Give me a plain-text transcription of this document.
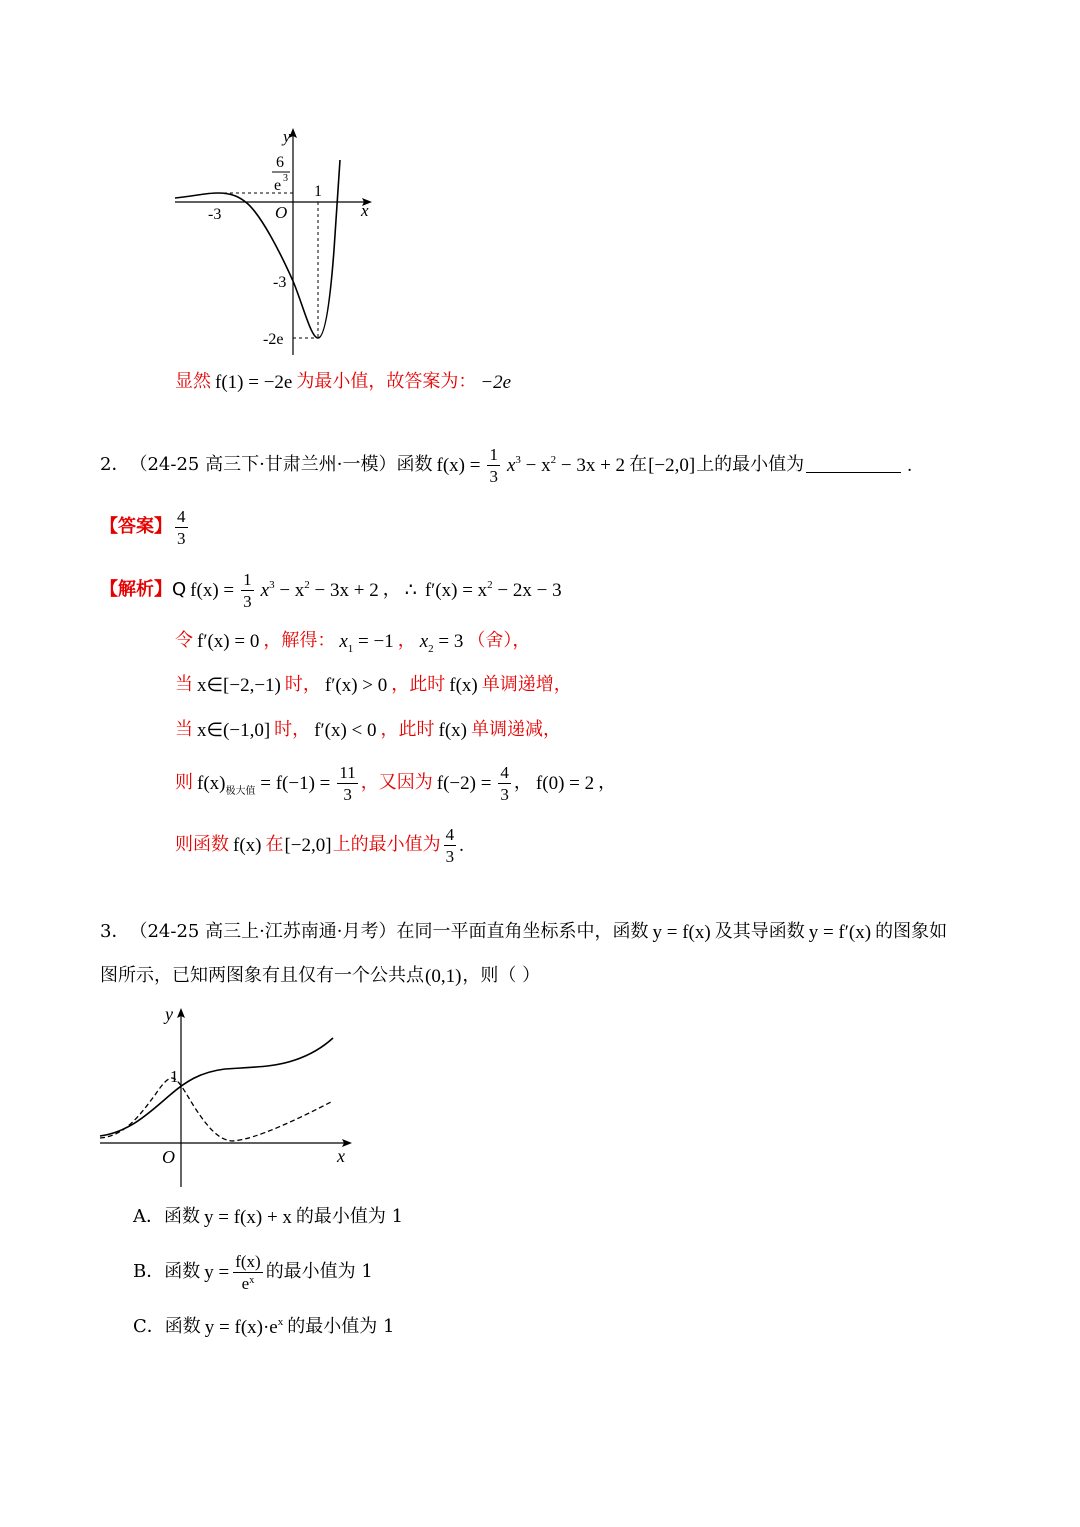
y
6
e 3
1
-3	O	x
-3
-2e
显然 f(1) = −2e 为最小值，故答案为： −2e
2． （24-25 高三下·甘肃兰州·一模） 函数 $f(x) = \frac{1}{3} x^3 - x^2 - 3x + 2$ 在 [−2,0] 上的最小值为	.
【答案】 $\frac{4}{3}$
【解析】 Q $f(x) = \frac{1}{3} x^3 - x^2 - 3x + 2$ ， ∴ $f'(x) = x^2 - 2x - 3$
令 f′(x) = 0 ，解得： $x_1 = -1$ ， $x_2 = 3$ （舍），
当 x∈[−2,−1) 时， f′(x) > 0 ，此时 f(x) 单调递增，
当 x∈(−1,0] 时， f′(x) < 0 ，此时 f(x) 单调递减，
则 $f(x)_{极大值} = f(-1) = \frac{11}{3}$ ，又因为 $f(-2) = \frac{4}{3}$ ， f(0) = 2 ，
则函数 f(x) 在 [−2,0] 上的最小值为 $\frac{4}{3}$ .
3． （24-25 高三上·江苏南通·月考） 在同一平面直角坐标系中，函数 y = f(x) 及其导函数 y = f′(x) 的图象如
图所示，已知两图象有且仅有一个公共点 (0,1) ，则（ ）
y
1
O	x
A． 函数 y = f(x) + x 的最小值为 1
B． 函数 $y = \frac{f(x)}{e^x}$ 的最小值为 1
C． 函数 $y = f(x)\cdot e^x$ 的最小值为 1
